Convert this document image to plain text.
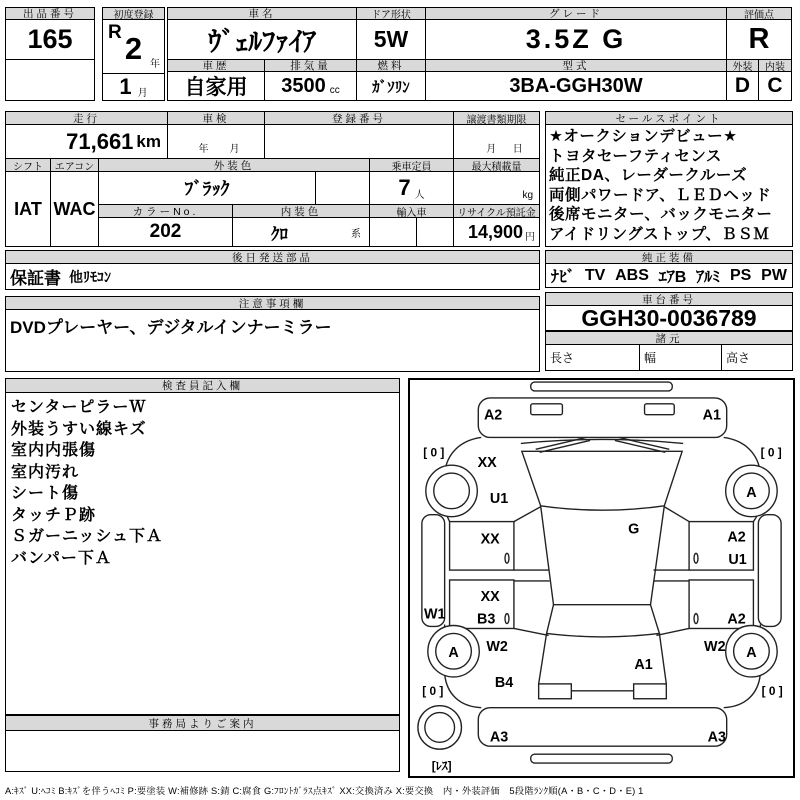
出品番号
165
初度登録
R 2 年
1 月
車名
ｳﾞｪﾙﾌｧｲｱ
車歴
自家用
排気量
3500 cc
ドア形状
5W
燃料
ｶﾞｿﾘﾝ
グレード
3.5Z G
型式
3BA-GGH30W
評価点
R
外装	内装
D C
走行
71,661 km
車検
年 月
登録番号	譲渡書類期限
月 日
シフト
IAT
エアコン
WAC
外装色
ﾌﾞﾗｯｸ
乗車定員
7 人
最大積載量
kg
カラーNo.
202
内装色
ｸﾛ	系
輸入車	リサイクル預託金
14,900 円
セールスポイント
★オークションデビュー★
トヨタセーフティセンス
純正DA、レーダークルーズ
両側パワードア、ＬＥＤヘッド
後席モニター、バックモニター
アイドリングストップ、ＢＳＭ
後日発送部品
保証書 他ﾘﾓｺﾝ
純正装備
ﾅﾋﾞ TV ABS ｴｱB ｱﾙﾐ PS PW
注意事項欄
DVDプレーヤー、デジタルインナーミラー
車台番号
GGH30-0036789
諸元
長さ	幅	高さ
検査員記入欄
センターピラーＷ
外装うすい線キズ
室内内張傷
室内汚れ
シート傷
タッチＰ跡
Ｓガーニッシュ下Ａ
バンパー下Ａ
事務局よりご案内
A2	A1
[ 0 ]	[ 0 ]
XX
U1	A
G
XX	A2
U1
XX
B3	A2
W1
W2	W2
A	A
B4
[ 0 ]	[ 0 ]
A1
A3	A3
[ﾚｽ]
A:ｷｽﾞ U:ﾍｺﾐ B:ｷｽﾞを伴うﾍｺﾐ P:要塗装 W:補修跡 S:錆 C:腐食 G:ﾌﾛﾝﾄｶﾞﾗｽ点ｷｽﾞ XX:交換済み X:要交換　内・外装評価　5段階ﾗﾝｸ順(A・B・C・D・E) 1
